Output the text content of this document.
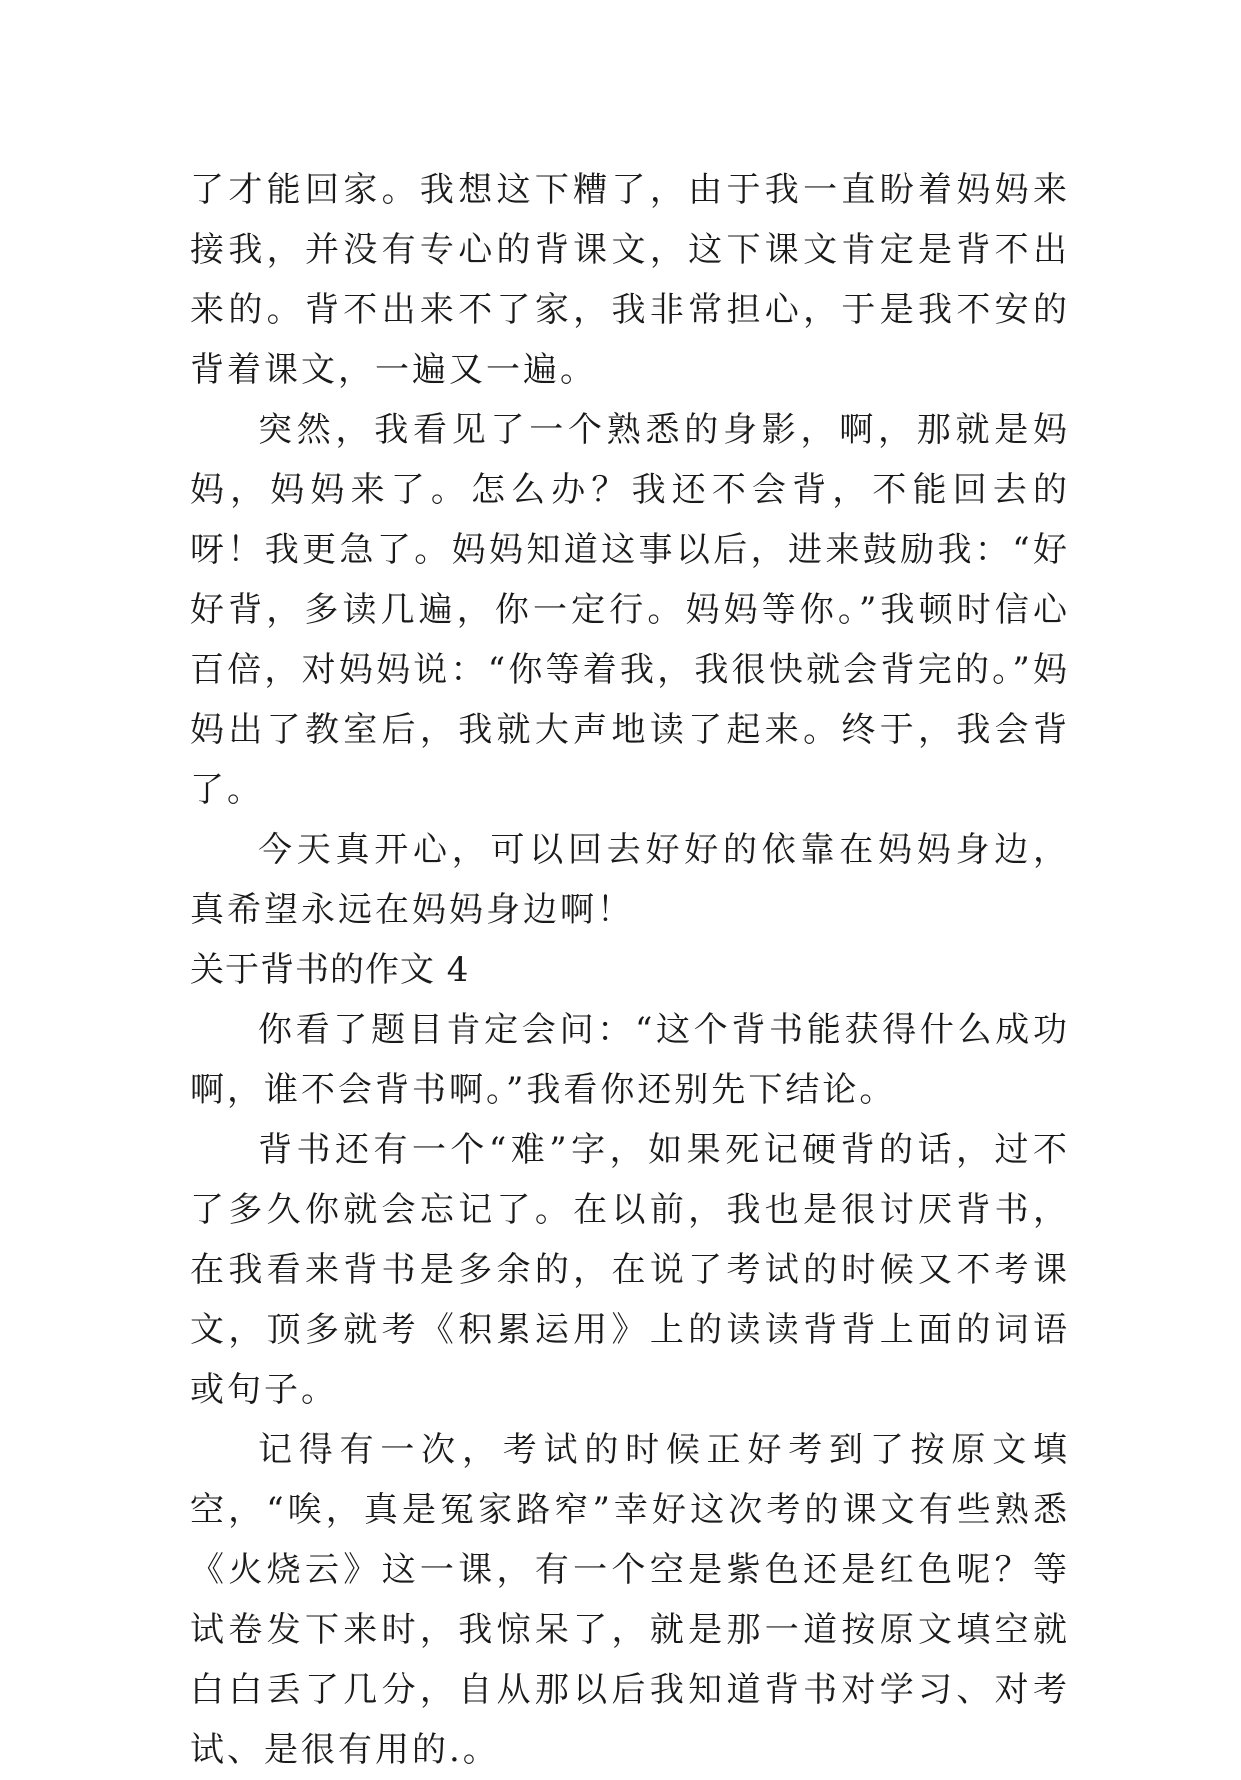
了才能回家。我想这下糟了，由于我一直盼着妈妈来接我，并没有专心的背课文，这下课文肯定是背不出来的。背不出来不了家，我非常担心，于是我不安的背着课文，一遍又一遍。

突然，我看见了一个熟悉的身影，啊，那就是妈妈，妈妈来了。怎么办？我还不会背，不能回去的呀！我更急了。妈妈知道这事以后，进来鼓励我：“好好背，多读几遍，你一定行。妈妈等你。”我顿时信心百倍，对妈妈说：“你等着我，我很快就会背完的。”妈妈出了教室后，我就大声地读了起来。终于，我会背了。

今天真开心，可以回去好好的依靠在妈妈身边，真希望永远在妈妈身边啊！

关于背书的作文 4

你看了题目肯定会问：“这个背书能获得什么成功啊，谁不会背书啊。”我看你还别先下结论。

背书还有一个“难”字，如果死记硬背的话，过不了多久你就会忘记了。在以前，我也是很讨厌背书，在我看来背书是多余的，在说了考试的时候又不考课文，顶多就考《积累运用》上的读读背背上面的词语或句子。

记得有一次，考试的时候正好考到了按原文填空，“唉，真是冤家路窄”幸好这次考的课文有些熟悉《火烧云》这一课，有一个空是紫色还是红色呢？等试卷发下来时，我惊呆了，就是那一道按原文填空就白白丢了几分，自从那以后我知道背书对学习、对考试、是很有用的.。
